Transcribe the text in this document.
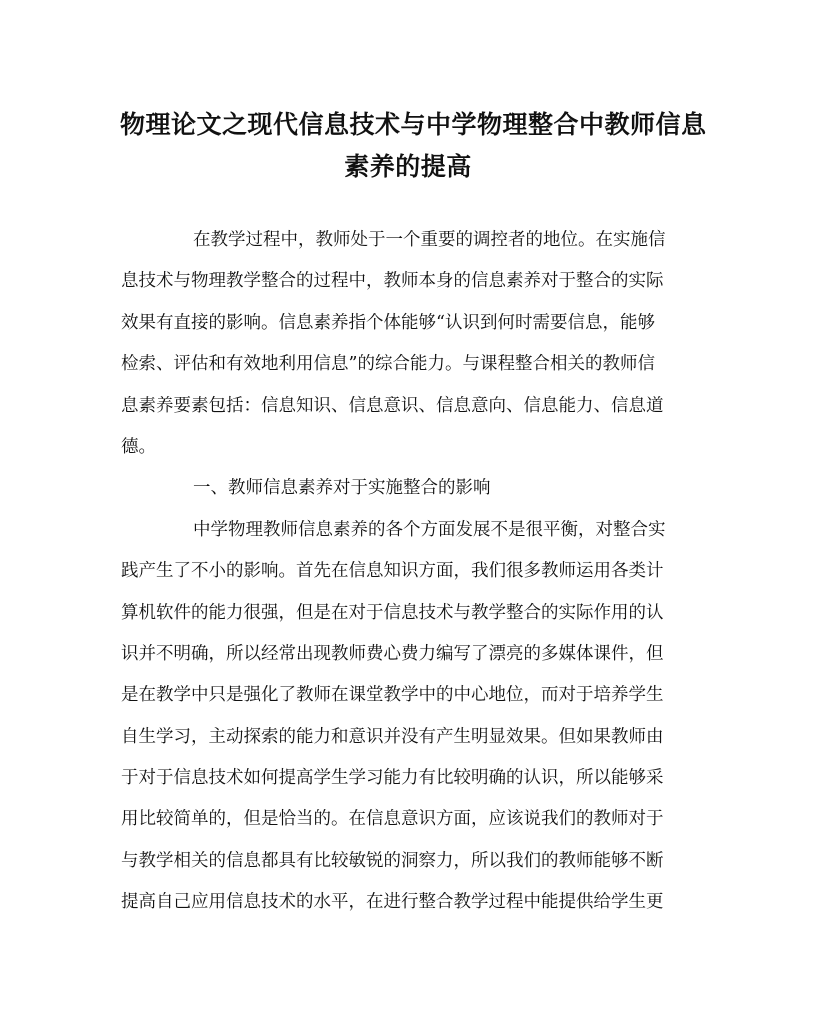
物理论文之现代信息技术与中学物理整合中教师信息
素养的提高
在教学过程中，教师处于一个重要的调控者的地位。在实施信
息技术与物理教学整合的过程中，教师本身的信息素养对于整合的实际
效果有直接的影响。信息素养指个体能够“认识到何时需要信息，能够
检索、评估和有效地利用信息”的综合能力。与课程整合相关的教师信
息素养要素包括：信息知识、信息意识、信息意向、信息能力、信息道
德。
一、教师信息素养对于实施整合的影响
中学物理教师信息素养的各个方面发展不是很平衡，对整合实
践产生了不小的影响。首先在信息知识方面，我们很多教师运用各类计
算机软件的能力很强，但是在对于信息技术与教学整合的实际作用的认
识并不明确，所以经常出现教师费心费力编写了漂亮的多媒体课件，但
是在教学中只是强化了教师在课堂教学中的中心地位，而对于培养学生
自生学习，主动探索的能力和意识并没有产生明显效果。但如果教师由
于对于信息技术如何提高学生学习能力有比较明确的认识，所以能够采
用比较简单的，但是恰当的。在信息意识方面，应该说我们的教师对于
与教学相关的信息都具有比较敏锐的洞察力，所以我们的教师能够不断
提高自己应用信息技术的水平，在进行整合教学过程中能提供给学生更
